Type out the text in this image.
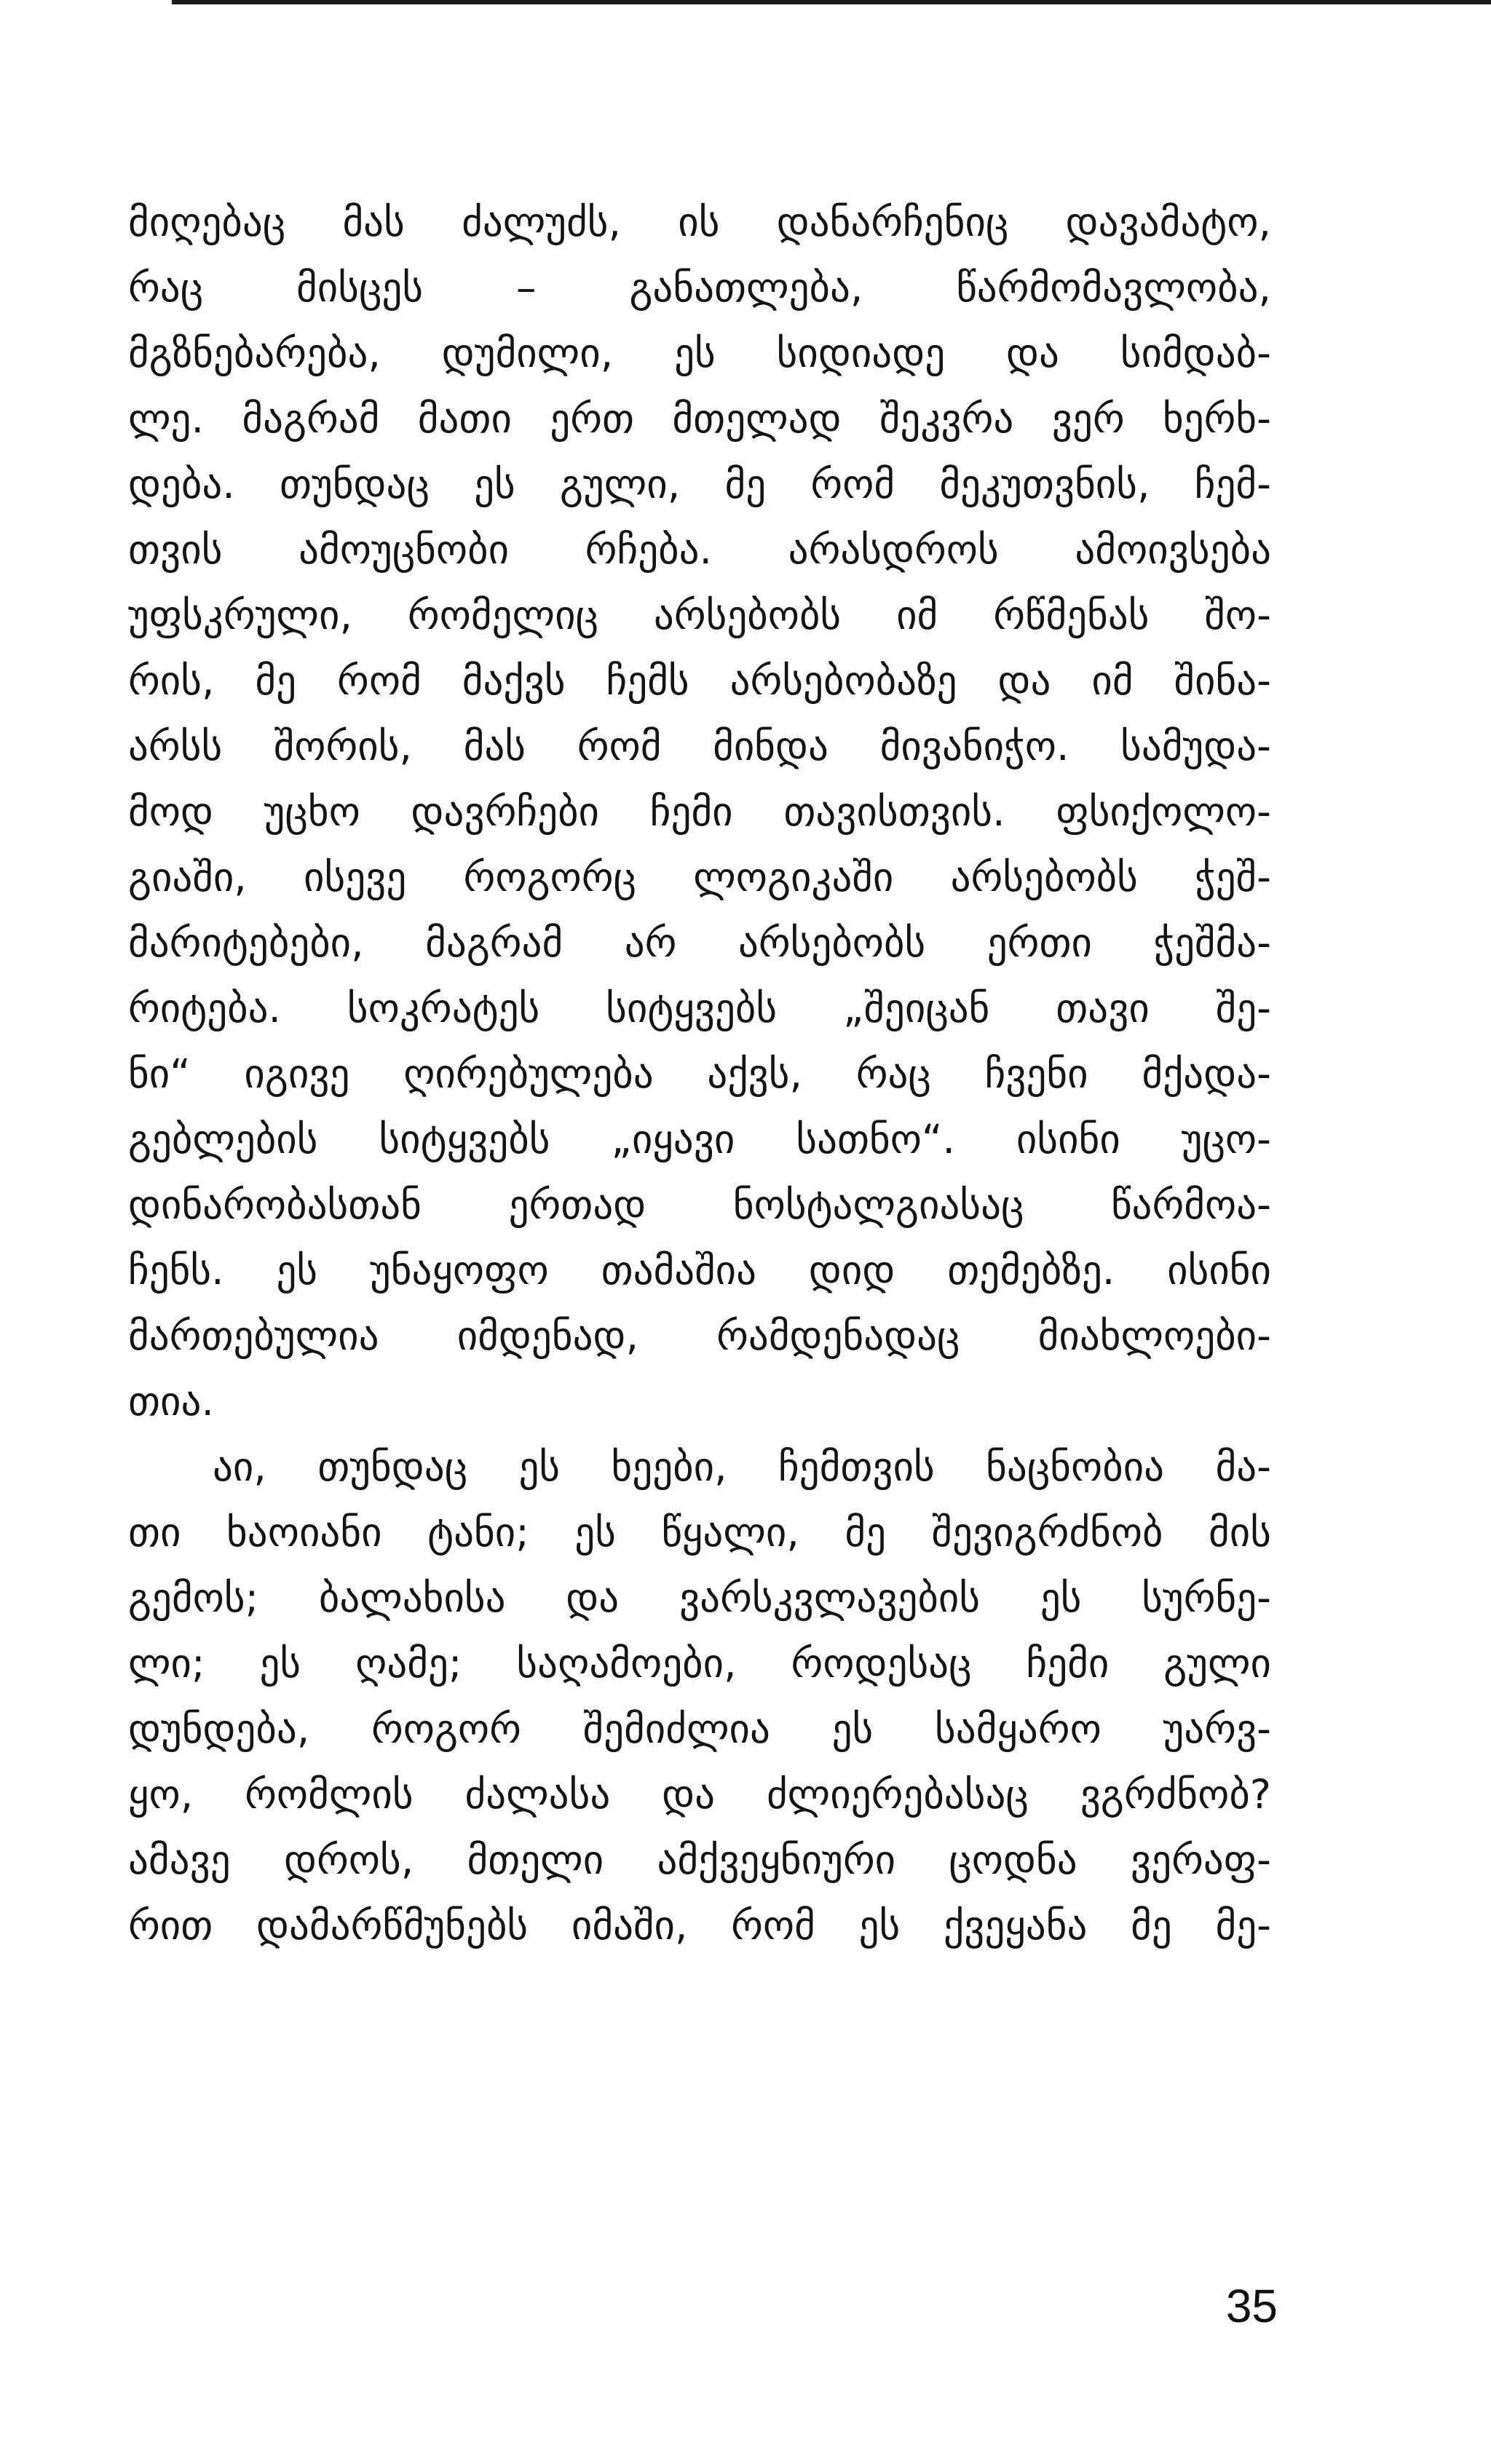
მიღებაც მას ძალუძს, ის დანარჩენიც დავამატო,
რაც მისცეს – განათლება, წარმომავლობა,
მგზნებარება, დუმილი, ეს სიდიადე და სიმდაბ-
ლე. მაგრამ მათი ერთ მთელად შეკვრა ვერ ხერხ-
დება. თუნდაც ეს გული, მე რომ მეკუთვნის, ჩემ-
თვის ამოუცნობი რჩება. არასდროს ამოივსება
უფსკრული, რომელიც არსებობს იმ რწმენას შო-
რის, მე რომ მაქვს ჩემს არსებობაზე და იმ შინა-
არსს შორის, მას რომ მინდა მივანიჭო. სამუდა-
მოდ უცხო დავრჩები ჩემი თავისთვის. ფსიქოლო-
გიაში, ისევე როგორც ლოგიკაში არსებობს ჭეშ-
მარიტებები, მაგრამ არ არსებობს ერთი ჭეშმა-
რიტება. სოკრატეს სიტყვებს „შეიცან თავი შე-
ნი“ იგივე ღირებულება აქვს, რაც ჩვენი მქადა-
გებლების სიტყვებს „იყავი სათნო“. ისინი უცო-
დინარობასთან ერთად ნოსტალგიასაც წარმოა-
ჩენს. ეს უნაყოფო თამაშია დიდ თემებზე. ისინი
მართებულია იმდენად, რამდენადაც მიახლოები-
თია.
აი, თუნდაც ეს ხეები, ჩემთვის ნაცნობია მა-
თი ხაოიანი ტანი; ეს წყალი, მე შევიგრძნობ მის
გემოს; ბალახისა და ვარსკვლავების ეს სურნე-
ლი; ეს ღამე; საღამოები, როდესაც ჩემი გული
დუნდება, როგორ შემიძლია ეს სამყარო უარვ-
ყო, რომლის ძალასა და ძლიერებასაც ვგრძნობ?
ამავე დროს, მთელი ამქვეყნიური ცოდნა ვერაფ-
რით დამარწმუნებს იმაში, რომ ეს ქვეყანა მე მე-
35
